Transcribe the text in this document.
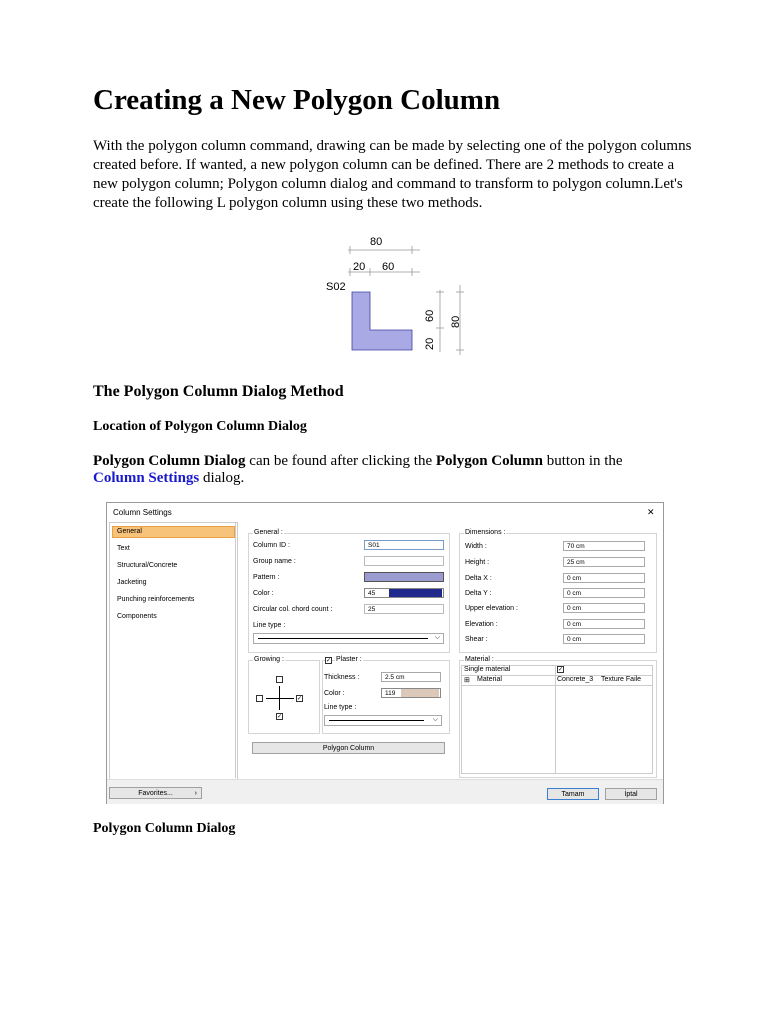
Creating a New Polygon Column

With the polygon column command, drawing can be made by selecting one of the polygon columns created before. If wanted, a new polygon column can be defined. There are 2 methods to create a new polygon column; Polygon column dialog and command to transform to polygon column.Let's create the following L polygon column using these two methods.

80
20 60
S02
60 80
20
The Polygon Column Dialog Method
Location of Polygon Column Dialog

Polygon Column Dialog can be found after clicking the Polygon Column button in the Column Settings dialog.

Column Settings	✕
General
Text
Structural/Concrete
Jacketing
Punching reinforcements
Components
General :
Column ID :	S01
Group name :
Pattern :
Color :	45
Circular col. chord count :	25
Line type :
⌵
Dimensions :
Width :	70 cm
Height :	25 cm
Delta X :	0 cm
Delta Y :	0 cm
Upper elevation :	0 cm
Elevation :	0 cm
Shear :	0 cm
Growing :
✓
✓
✓ Plaster :
Thickness :	2.5 cm
Color :	119
Line type :
⌵
Material :
Single material	✓
⊞ Material	Concrete_3 Texture Faile
Polygon Column
Favorites...	›	Tamam	İptal
Polygon Column Dialog
